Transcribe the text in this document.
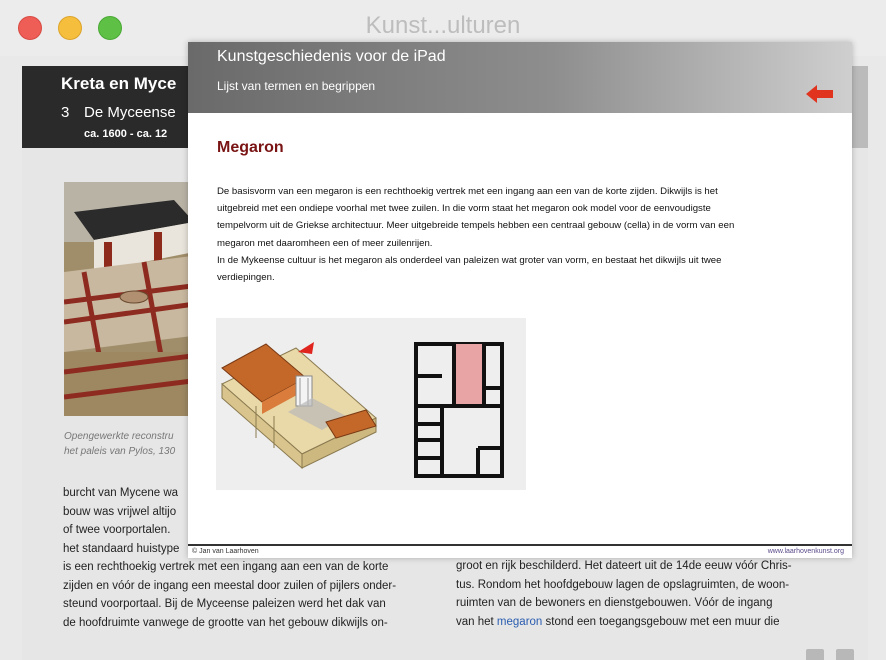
Kunst...ulturen
Kreta en Myce
3 De Myceense
ca. 1600 - ca. 12
Opengewerkte reconstru
het paleis van Pylos, 130
burcht van Mycene wa
bouw was vrijwel altijo
of twee voorportalen.
het standaard huistype
is een rechthoekig vertrek met een ingang aan een van de korte
zijden en vóór de ingang een meestal door zuilen of pijlers onder-
steund voorportaal. Bij de Myceense paleizen werd het dak van
de hoofdruimte vanwege de grootte van het gebouw dikwijls on-
groot en rijk beschilderd. Het dateert uit de 14de eeuw vóór Chris-
tus. Rondom het hoofdgebouw lagen de opslagruimten, de woon-
ruimten van de bewoners en dienstgebouwen. Vóór de ingang
van het megaron stond een toegangsgebouw met een muur die
Kunstgeschiedenis voor de iPad
Lijst van termen en begrippen
Megaron
De basisvorm van een megaron is een rechthoekig vertrek met een ingang aan een van de korte zijden. Dikwijls is het
uitgebreid met een ondiepe voorhal met twee zuilen. In die vorm staat het megaron ook model voor de eenvoudigste
tempelvorm uit de Griekse architectuur. Meer uitgebreide tempels hebben een centraal gebouw (cella) in de vorm van een
megaron met daaromheen een of meer zuilenrijen.
In de Mykeense cultuur is het megaron als onderdeel van paleizen wat groter van vorm, en bestaat het dikwijls uit twee
verdiepingen.
© Jan van Laarhoven	www.laarhovenkunst.org
